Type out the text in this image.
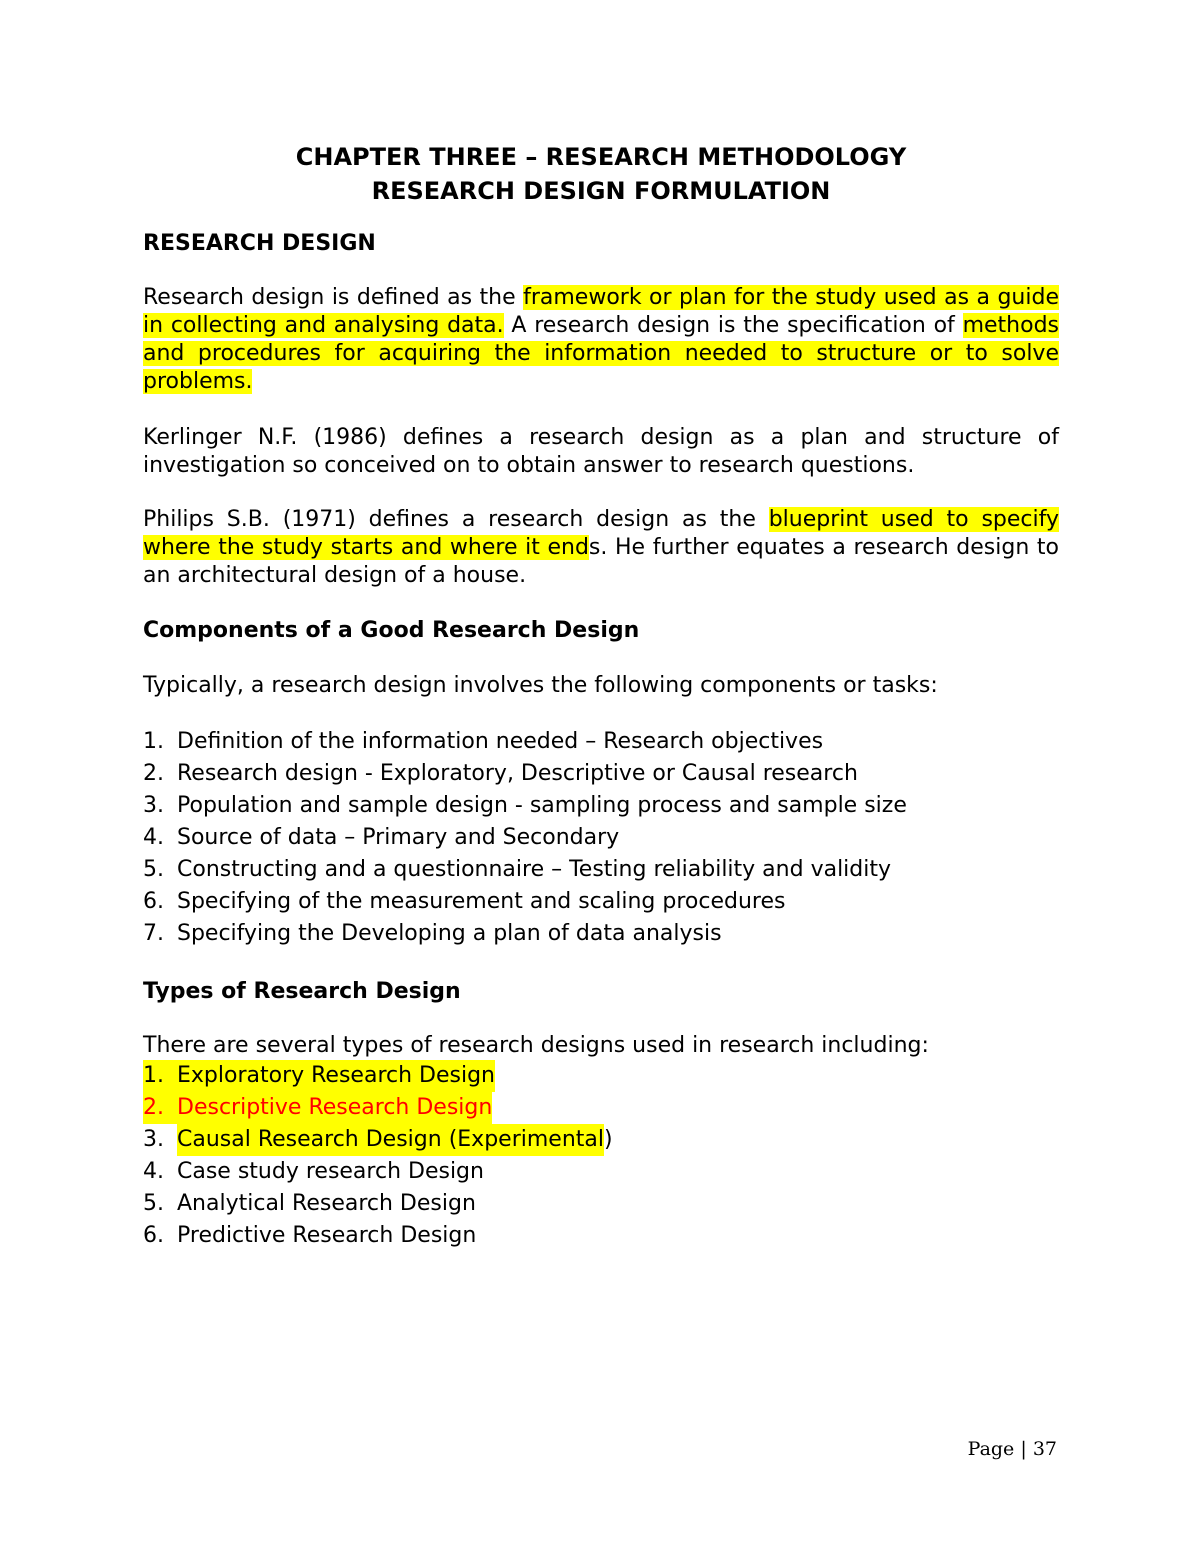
CHAPTER THREE – RESEARCH METHODOLOGY
RESEARCH DESIGN FORMULATION
RESEARCH DESIGN

Research design is defined as the framework or plan for the study used as a guide in collecting and analysing data. A research design is the specification of methods and procedures for acquiring the information needed to structure or to solve problems.

Kerlinger N.F. (1986) defines a research design as a plan and structure of investigation so conceived on to obtain answer to research questions.

Philips S.B. (1971) defines a research design as the blueprint used to specify where the study starts and where it ends. He further equates a research design to an architectural design of a house.

Components of a Good Research Design

Typically, a research design involves the following components or tasks:

1. Definition of the information needed – Research objectives
2. Research design - Exploratory, Descriptive or Causal research
3. Population and sample design - sampling process and sample size
4. Source of data – Primary and Secondary
5. Constructing and a questionnaire – Testing reliability and validity
6. Specifying of the measurement and scaling procedures
7. Specifying the Developing a plan of data analysis
Types of Research Design

There are several types of research designs used in research including:

1. Exploratory Research Design
2. Descriptive Research Design
3. Causal Research Design (Experimental )
4. Case study research Design
5. Analytical Research Design
6. Predictive Research Design
Page | 37
